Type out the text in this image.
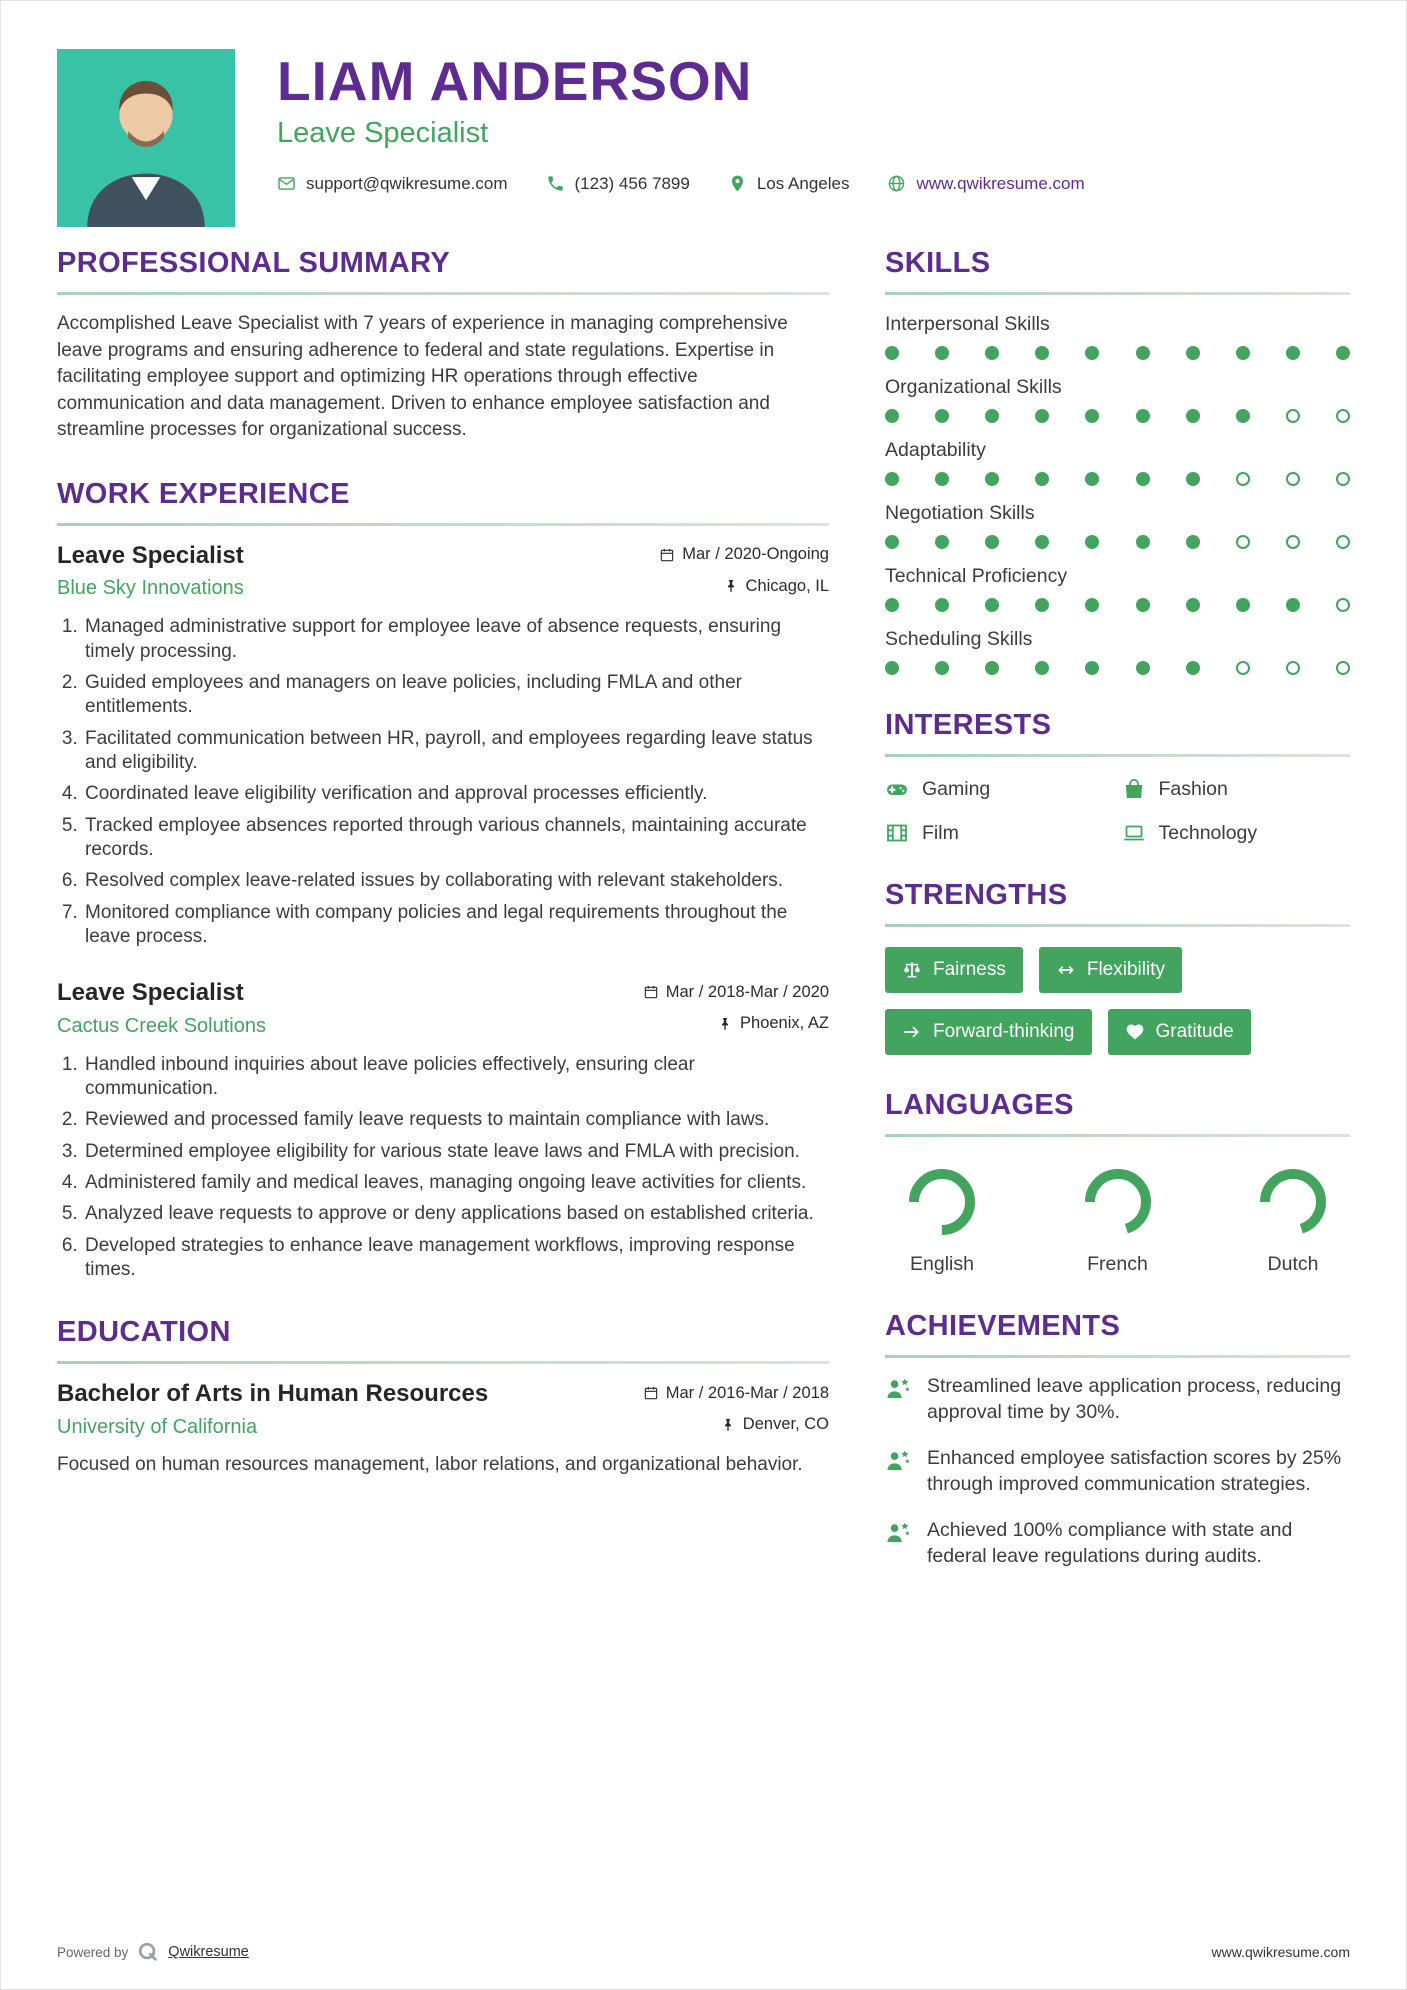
LIAM ANDERSON
Leave Specialist
support@qwikresume.com	(123) 456 7899	Los Angeles	www.qwikresume.com
PROFESSIONAL SUMMARY

Accomplished Leave Specialist with 7 years of experience in managing comprehensive leave programs and ensuring adherence to federal and state regulations. Expertise in facilitating employee support and optimizing HR operations through effective communication and data management. Driven to enhance employee satisfaction and streamline processes for organizational success.

WORK EXPERIENCE
Leave Specialist	Mar / 2020-Ongoing
Blue Sky Innovations	Chicago, IL
1. Managed administrative support for employee leave of absence requests, ensuring timely processing.
2. Guided employees and managers on leave policies, including FMLA and other entitlements.
3. Facilitated communication between HR, payroll, and employees regarding leave status and eligibility.
4. Coordinated leave eligibility verification and approval processes efficiently.
5. Tracked employee absences reported through various channels, maintaining accurate records.
6. Resolved complex leave-related issues by collaborating with relevant stakeholders.
7. Monitored compliance with company policies and legal requirements throughout the leave process.
Leave Specialist	Mar / 2018-Mar / 2020
Cactus Creek Solutions	Phoenix, AZ
1. Handled inbound inquiries about leave policies effectively, ensuring clear communication.
2. Reviewed and processed family leave requests to maintain compliance with laws.
3. Determined employee eligibility for various state leave laws and FMLA with precision.
4. Administered family and medical leaves, managing ongoing leave activities for clients.
5. Analyzed leave requests to approve or deny applications based on established criteria.
6. Developed strategies to enhance leave management workflows, improving response times.
EDUCATION
Bachelor of Arts in Human Resources	Mar / 2016-Mar / 2018
University of California	Denver, CO

Focused on human resources management, labor relations, and organizational behavior.

SKILLS
Interpersonal Skills
Organizational Skills
Adaptability
Negotiation Skills
Technical Proficiency
Scheduling Skills
INTERESTS
Gaming	Fashion
Film	Technology
STRENGTHS
Fairness	Flexibility
Forward-thinking	Gratitude
LANGUAGES
English	French	Dutch
ACHIEVEMENTS
Streamlined leave application process, reducing approval time by 30%.
Enhanced employee satisfaction scores by 25% through improved communication strategies.
Achieved 100% compliance with state and federal leave regulations during audits.
Powered by	Qwikresume	www.qwikresume.com
